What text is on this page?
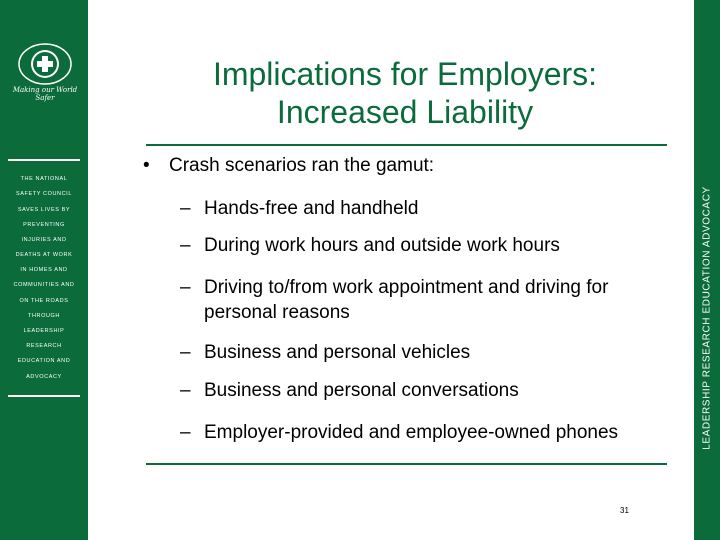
Making our World Safer
THE NATIONAL
SAFETY COUNCIL
SAVES LIVES BY
PREVENTING
INJURIES AND
DEATHS AT WORK
IN HOMES AND
COMMUNITIES AND
ON THE ROADS
THROUGH
LEADERSHIP
RESEARCH
EDUCATION AND
ADVOCACY	LEADERSHIP RESEARCH EDUCATION ADVOCACY
Implications for Employers:
Increased Liability
• Crash scenarios ran the gamut:
– Hands-free and handheld
– During work hours and outside work hours
– Driving to/from work appointment and driving for personal reasons
– Business and personal vehicles
– Business and personal conversations
– Employer-provided and employee-owned phones
31
